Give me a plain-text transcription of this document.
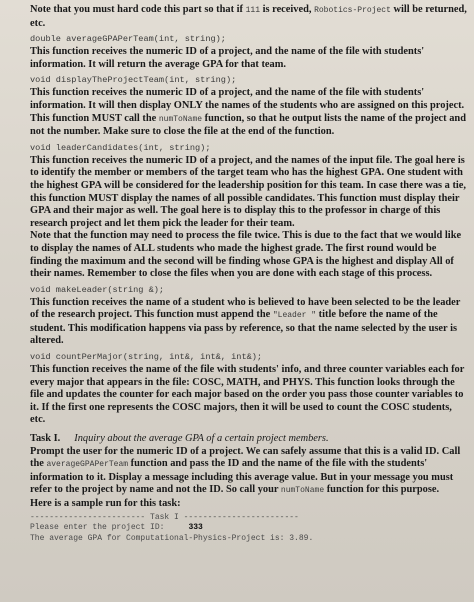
Note that you must hard code this part so that if 111 is received, Robotics-Project will be returned, etc.

double averageGPAPerTeam(int, string);

This function receives the numeric ID of a project, and the name of the file with students' information. It will return the average GPA for that team.

void displayTheProjectTeam(int, string);

This function receives the numeric ID of a project, and the name of the file with students' information. It will then display ONLY the names of the students who are assigned on this project. This function MUST call the numToName function, so that he output lists the name of the project and not the number. Make sure to close the file at the end of the function.

void leaderCandidates(int, string);

This function receives the numeric ID of a project, and the names of the input file. The goal here is to identify the member or members of the target team who has the highest GPA. One student with the highest GPA will be considered for the leadership position for this team. In case there was a tie, this function MUST display the names of all possible candidates. This function must display their GPA and their major as well. The goal here is to display this to the professor in charge of this research project and let them pick the leader for their team.

Note that the function may need to process the file twice. This is due to the fact that we would like to display the names of ALL students who made the highest grade. The first round would be finding the maximum and the second will be finding whose GPA is the highest and display All of their names. Remember to close the files when you are done with each stage of this process.

void makeLeader(string &);

This function receives the name of a student who is believed to have been selected to be the leader of the research project. This function must append the "Leader " title before the name of the student. This modification happens via pass by reference, so that the name selected by the user is altered.

void countPerMajor(string, int&, int&, int&);

This function receives the name of the file with students' info, and three counter variables each for every major that appears in the file: COSC, MATH, and PHYS. This function looks through the file and updates the counter for each major based on the order you pass those counter variables to it. If the first one represents the COSC majors, then it will be used to count the COSC students, etc.

Task I. Inquiry about the average GPA of a certain project members.

Prompt the user for the numeric ID of a project. We can safely assume that this is a valid ID. Call the averageGPAPerTeam function and pass the ID and the name of the file with the students' information to it. Display a message including this average value. But in your message you must refer to the project by name and not the ID. So call your numToName function for this purpose.

Here is a sample run for this task:

------------------------ Task I ------------------------
Please enter the project ID:	333
The average GPA for Computational-Physics-Project is: 3.89.
